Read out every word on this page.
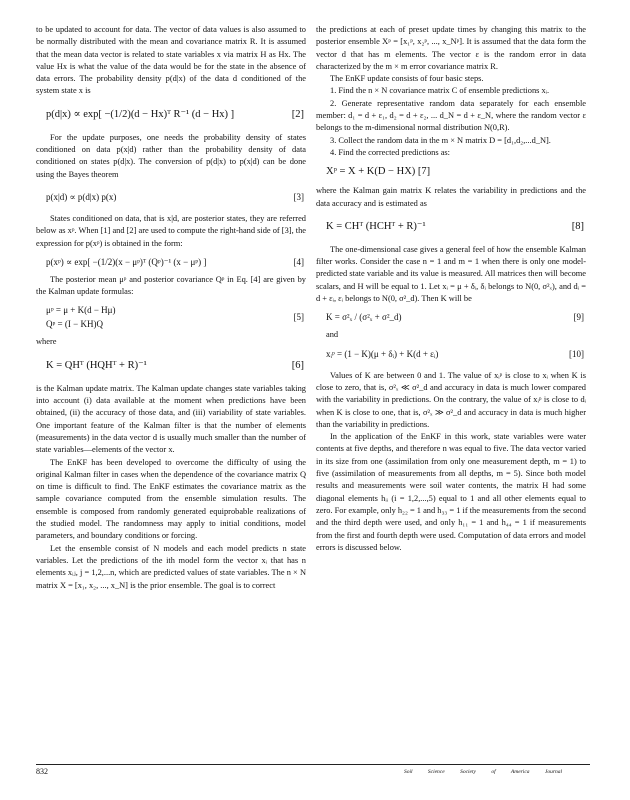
to be updated to account for data. The vector of data values is also assumed to be normally distributed with the mean and covariance matrix R. It is assumed that the mean data vector is related to state variables x via matrix H as Hx. The value Hx is what the value of the data would be for the state in the absence of data errors. The probability density p(d|x) of the data d conditioned of the system state x is

p(d|x) ∝ exp[ −(1/2)(d − Hx)ᵀ R⁻¹ (d − Hx) ]	[2]

For the update purposes, one needs the probability density of states conditioned on data p(x|d) rather than the probability density of data conditioned on states p(d|x). The conversion of p(d|x) to p(x|d) can be done using the Bayes theorem

p(x|d) ∝ p(d|x) p(x)	[3]

States conditioned on data, that is x|d, are posterior states, they are referred below as xᵖ. When [1] and [2] are used to compute the right-hand side of [3], the expression for p(xᵖ) is obtained in the form:

p(xᵖ) ∝ exp[ −(1/2)(x − μᵖ)ᵀ (Qᵖ)⁻¹ (x − μᵖ) ]	[4]

The posterior mean μᵖ and posterior covariance Qᵖ in Eq. [4] are given by the Kalman update formulas:

μᵖ = μ + K(d − Hμ)
Qᵖ = (I − KH)Q
[5]

where

K = QHᵀ (HQHᵀ + R)⁻¹	[6]

is the Kalman update matrix. The Kalman update changes state variables taking into account (i) data available at the moment when predictions have been obtained, (ii) the accuracy of those data, and (iii) variability of state variables. One important feature of the Kalman filter is that the number of elements (measurements) in the data vector d is usually much smaller than the number of state variables—elements of the vector x.

The EnKF has been developed to overcome the difficulty of using the original Kalman filter in cases when the dependence of the covariance matrix Q on time is difficult to find. The EnKF estimates the covariance matrix as the sample covariance computed from the ensemble simulation results. The ensemble is composed from randomly generated equiprobable realizations of the studied model. The randomness may apply to initial conditions, model parameters, and boundary conditions or forcing.

Let the ensemble consist of N models and each model predicts n state variables. Let the predictions of the ith model form the vector xᵢ that has n elements xᵢⱼ, j = 1,2,...n, which are predicted values of state variables. The n × N matrix X = [x₁, x₂, ..., x_N] is the prior ensemble. The goal is to correct

the predictions at each of preset update times by changing this matrix to the posterior ensemble Xᵖ = [x₁ᵖ, x₂ᵖ, ..., x_Nᵖ]. It is assumed that the data form the vector d that has m elements. The vector ε is the random error in data characterized by the m × m error covariance matrix R.

The EnKF update consists of four basic steps.

1. Find the n × N covariance matrix C of ensemble predictions xᵢ.

2. Generate representative random data separately for each ensemble member: d₁ = d + ε₁, d₂ = d + ε₂, ... d_N = d + ε_N, where the random vector ε belongs to the m-dimensional normal distribution N(0,R).

3. Collect the random data in the m × N matrix D = [d₁,d₂,...d_N].

4. Find the corrected predictions as:

Xᵖ = X + K(D − HX) [7]

where the Kalman gain matrix K relates the variability in predictions and the data accuracy and is estimated as

K = CHᵀ (HCHᵀ + R)⁻¹	[8]

The one-dimensional case gives a general feel of how the ensemble Kalman filter works. Consider the case n = 1 and m = 1 when there is only one model-predicted state variable and its value is measured. All matrices then will become scalars, and H will be equal to 1. Let xᵢ = μ + δᵢ, δᵢ belongs to N(0, σ²ₓ), and dᵢ = d + εᵢ, εᵢ belongs to N(0, σ²_d). Then K will be

K = σ²ₓ / (σ²ₓ + σ²_d)	[9]

and

xᵢᵖ = (1 − K)(μ + δᵢ) + K(d + εᵢ)	[10]

Values of K are between 0 and 1. The value of xᵢᵖ is close to xᵢ when K is close to zero, that is, σ²ₓ ≪ σ²_d and accuracy in data is much lower compared with the variability in predictions. On the contrary, the value of xᵢᵖ is close to dᵢ when K is close to one, that is, σ²ₓ ≫ σ²_d and accuracy in data is much higher than the variability in predictions.

In the application of the EnKF in this work, state variables were water contents at five depths, and therefore n was equal to five. The data vector varied in its size from one (assimilation from only one measurement depth, m = 1) to five (assimilation of measurements from all depths, m = 5). Since both model results and measurements were soil water contents, the matrix H had some diagonal elements hᵢᵢ (i = 1,2,...,5) equal to 1 and all other elements equal to zero. For example, only h₂₂ = 1 and h₃₃ = 1 if the measurements from the second and the third depth were used, and only h₁₁ = 1 and h₄₄ = 1 if measurements from the first and fourth depth were used. Computation of data errors and model errors is discussed below.

832	Soil Science Society of America Journal
